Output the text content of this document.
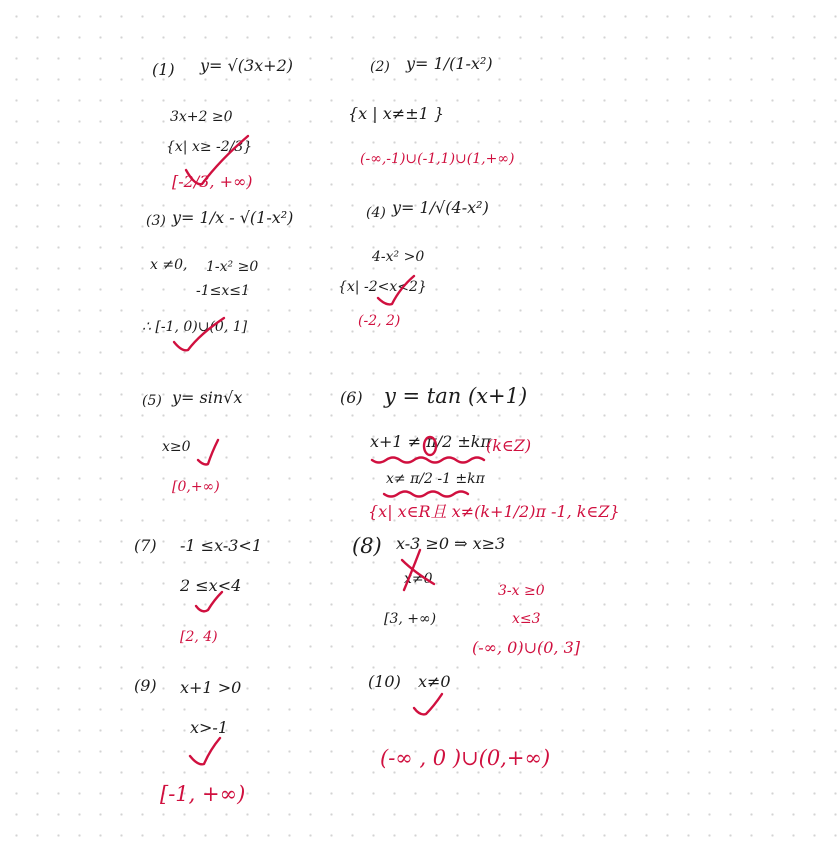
(1) y= √(3x+2)
3x+2 ≥0
{x| x≥ -2/3}
[-2/3, +∞)
(2) y= 1/(1-x²)
{x | x≠±1 }
(-∞,-1)∪(-1,1)∪(1,+∞)
(3) y= 1/x - √(1-x²)
x ≠0, 1-x² ≥0
-1≤x≤1
∴ [-1, 0)∪(0, 1]
(4) y= 1/√(4-x²)
4-x² >0
{x| -2<x<2}
(-2, 2)
(5) y= sin√x
x≥0
[0,+∞)
(6) y = tan (x+1)
x+1 ≠ π/2 ±kπ
x≠ π/2 -1 ±kπ
(k∈Z)
{x| x∈R且 x≠(k+1/2)π -1, k∈Z}
(7) -1 ≤x-3<1
2 ≤x<4
[2, 4)
(8) x-3 ≥0 ⇒ x≥3
x≠0
[3, +∞)
3-x ≥0
x≤3
(-∞, 0)∪(0, 3]
(9) x+1 >0
x>-1
[-1, +∞)
(10) x≠0
(-∞ , 0 )∪(0,+∞)
